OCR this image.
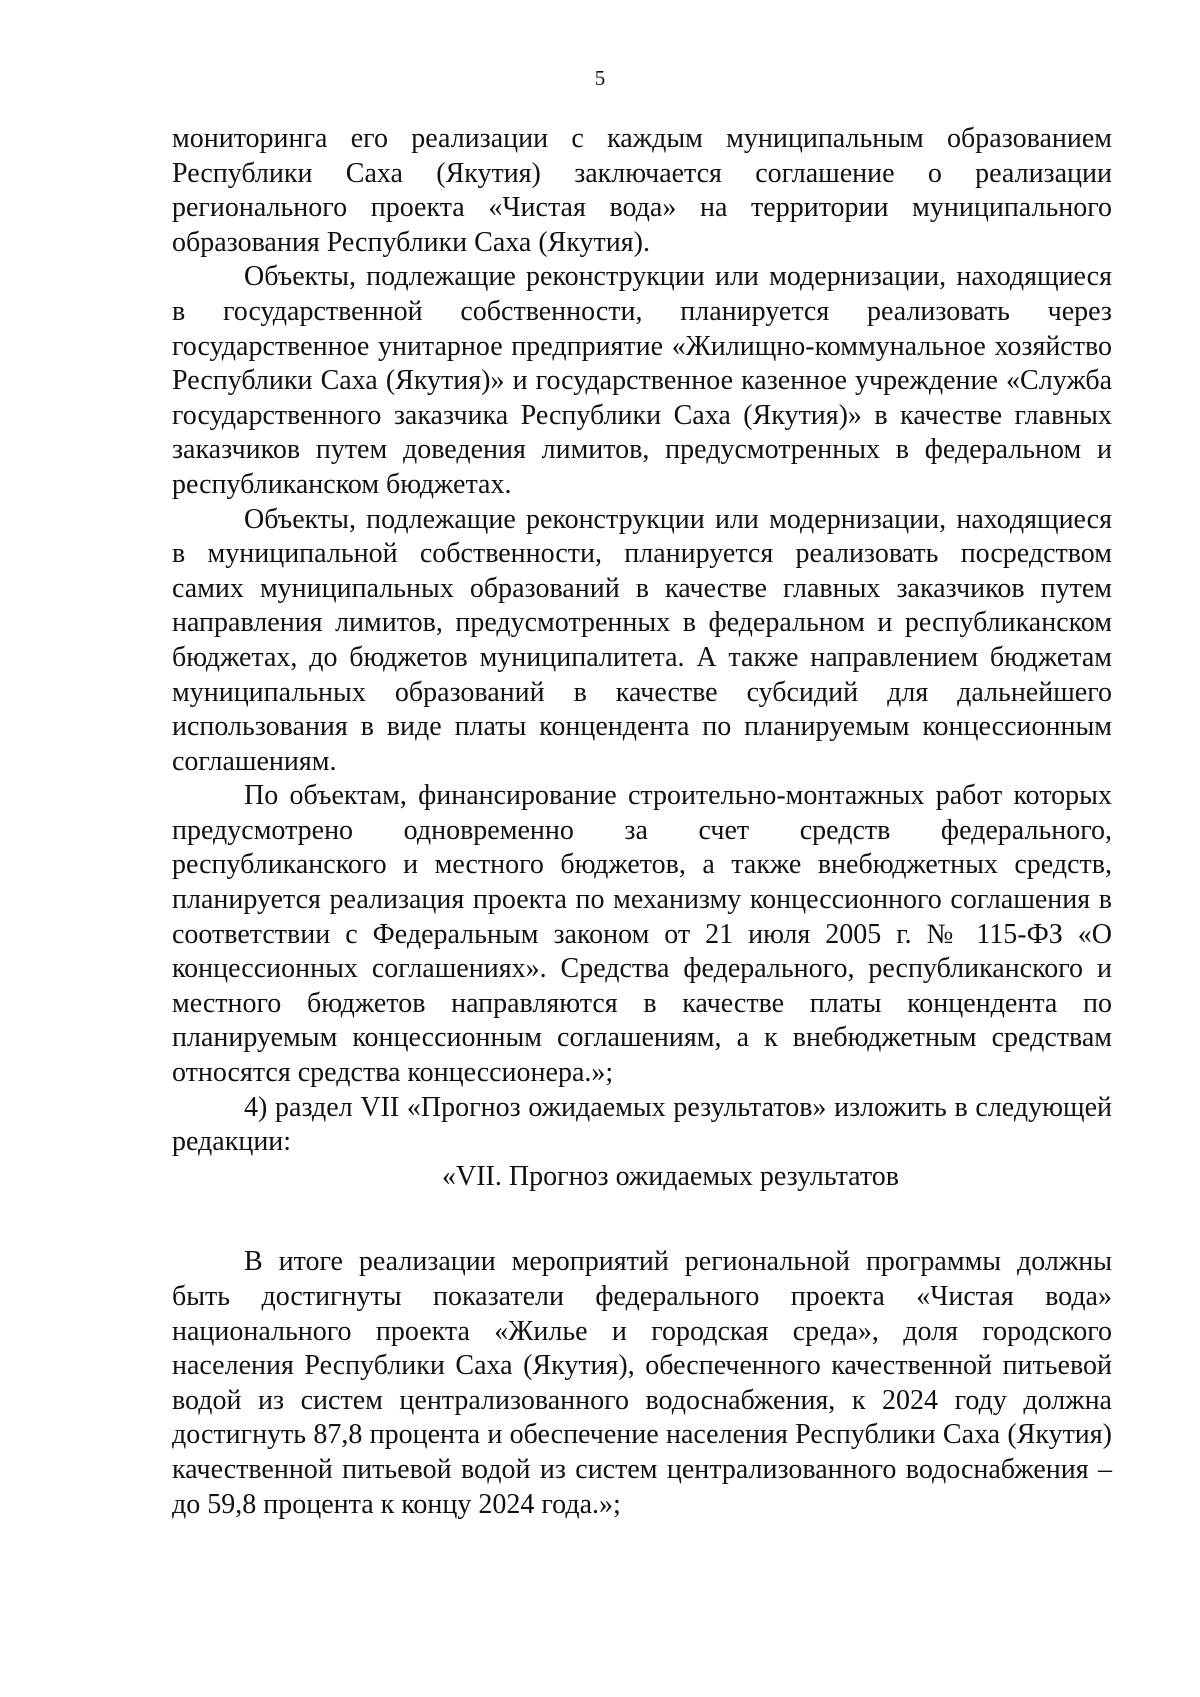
5

мониторинга его реализации с каждым муниципальным образованием Республики Саха (Якутия) заключается соглашение о реализации регионального проекта «Чистая вода» на территории муниципального образования Республики Саха (Якутия).

Объекты, подлежащие реконструкции или модернизации, находящиеся в государственной собственности, планируется реализовать через государственное унитарное предприятие «Жилищно-коммунальное хозяйство Республики Саха (Якутия)» и государственное казенное учреждение «Служба государственного заказчика Республики Саха (Якутия)» в качестве главных заказчиков путем доведения лимитов, предусмотренных в федеральном и республиканском бюджетах.

Объекты, подлежащие реконструкции или модернизации, находящиеся в муниципальной собственности, планируется реализовать посредством самих муниципальных образований в качестве главных заказчиков путем направления лимитов, предусмотренных в федеральном и республиканском бюджетах, до бюджетов муниципалитета. А также направлением бюджетам муниципальных образований в качестве субсидий для дальнейшего использования в виде платы концендента по планируемым концессионным соглашениям.

По объектам, финансирование строительно-монтажных работ которых предусмотрено одновременно за счет средств федерального, республиканского и местного бюджетов, а также внебюджетных средств, планируется реализация проекта по механизму концессионного соглашения в соответствии с Федеральным законом от 21 июля 2005 г. № 115-ФЗ «О концессионных соглашениях». Средства федерального, республиканского и местного бюджетов направляются в качестве платы концендента по планируемым концессионным соглашениям, а к внебюджетным средствам относятся средства концессионера.»;

4) раздел VII «Прогноз ожидаемых результатов» изложить в следующей редакции:

«VII. Прогноз ожидаемых результатов

В итоге реализации мероприятий региональной программы должны быть достигнуты показатели федерального проекта «Чистая вода» национального проекта «Жилье и городская среда», доля городского населения Республики Саха (Якутия), обеспеченного качественной питьевой водой из систем централизованного водоснабжения, к 2024 году должна достигнуть 87,8 процента и обеспечение населения Республики Саха (Якутия) качественной питьевой водой из систем централизованного водоснабжения – до 59,8 процента к концу 2024 года.»;
